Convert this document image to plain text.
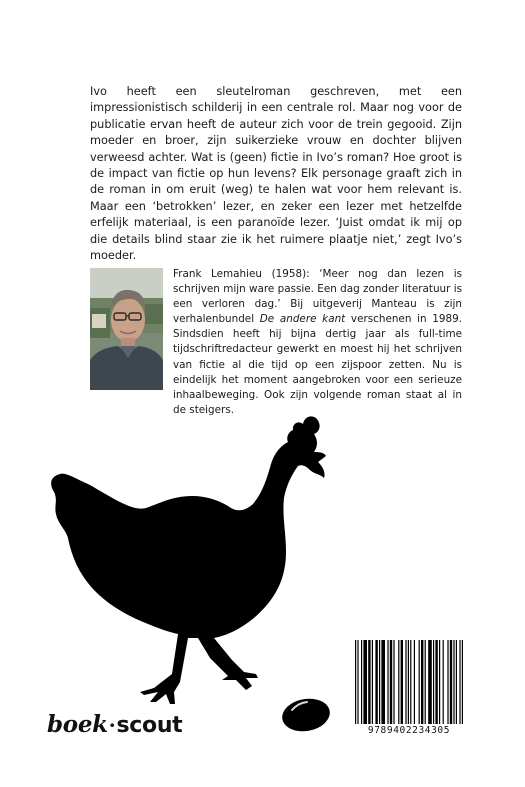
Ivo heeft een sleutelroman geschreven, met een impressionistisch schilderij in een centrale rol. Maar nog voor de publicatie ervan heeft de auteur zich voor de trein gegooid. Zijn moeder en broer, zijn suikerzieke vrouw en dochter blijven verweesd achter. Wat is (geen) fictie in Ivo’s roman? Hoe groot is de impact van fictie op hun levens? Elk personage graaft zich in de roman in om eruit (weg) te halen wat voor hem relevant is. Maar een ‘betrokken’ lezer, en zeker een lezer met hetzelfde erfelijk materiaal, is een paranoïde lezer. ‘Juist omdat ik mij op die details blind staar zie ik het ruimere plaatje niet,’ zegt Ivo’s moeder.

Frank Lemahieu (1958): ‘Meer nog dan lezen is schrijven mijn ware passie. Een dag zonder literatuur is een verloren dag.’ Bij uitgeverij Manteau is zijn verhalenbundel De andere kant verschenen in 1989. Sindsdien heeft hij bijna dertig jaar als full-time tijdschriftredacteur gewerkt en moest hij het schrijven van fictie al die tijd op een zijspoor zetten. Nu is eindelijk het moment aangebroken voor een serieuze inhaalbeweging. Ook zijn volgende roman staat al in de steigers.

boek·scout	9789402234305
